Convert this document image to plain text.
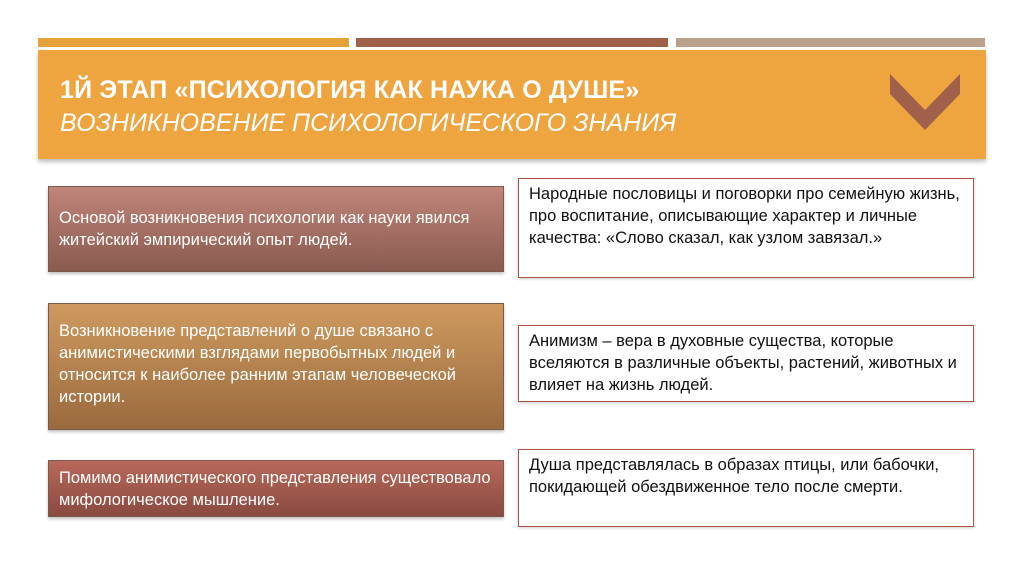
1Й ЭТАП «ПСИХОЛОГИЯ КАК НАУКА О ДУШЕ»
ВОЗНИКНОВЕНИЕ ПСИХОЛОГИЧЕСКОГО ЗНАНИЯ
Основой возникновения психологии как науки явился житейский эмпирический опыт людей.
Возникновение представлений о душе связано с анимистическими взглядами первобытных людей и относится к наиболее ранним этапам человеческой истории.
Помимо анимистического представления существовало мифологическое мышление.
Народные пословицы и поговорки про семейную жизнь, про воспитание, описывающие характер и личные качества: «Слово сказал, как узлом завязал.»
Анимизм – вера в духовные существа, которые вселяются в различные объекты, растений, животных и влияет на жизнь людей.
Душа представлялась в образах птицы, или бабочки, покидающей обездвиженное тело после смерти.
